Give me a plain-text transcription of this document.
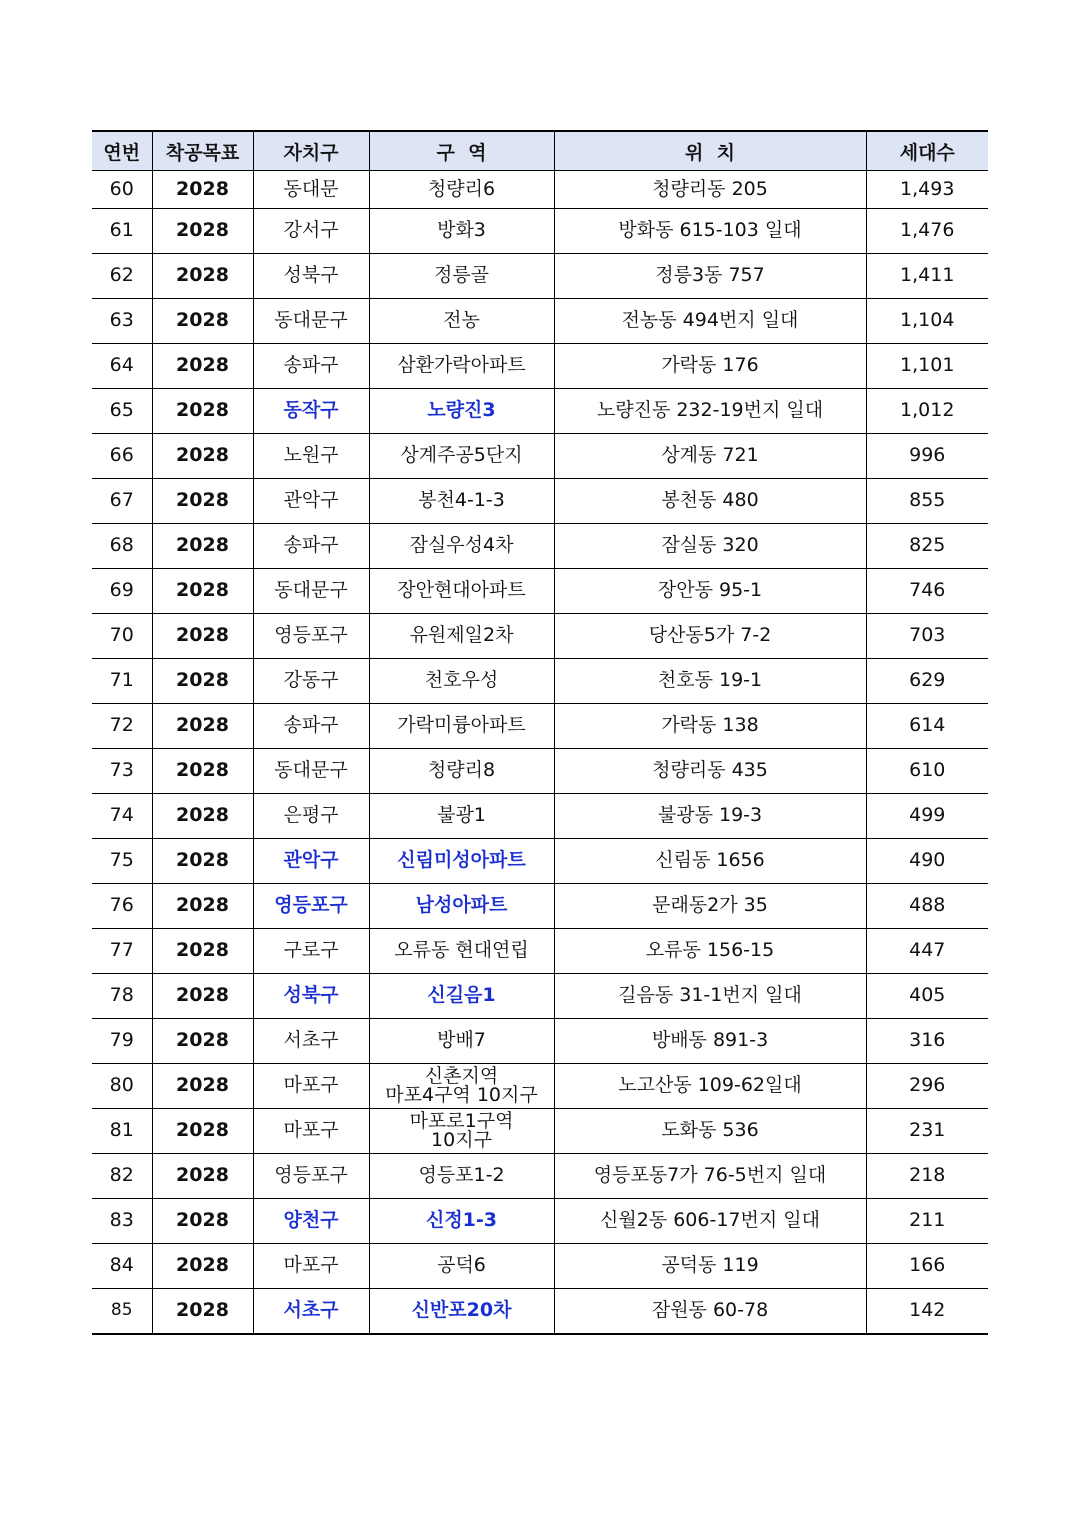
연번	착공목표	자치구	구  역	위  치	세대수
60	2028	동대문	청량리6	청량리동 205	1,493
61	2028	강서구	방화3	방화동 615-103 일대	1,476
62	2028	성북구	정릉골	정릉3동 757	1,411
63	2028	동대문구	전농	전농동 494번지 일대	1,104
64	2028	송파구	삼환가락아파트	가락동 176	1,101
65	2028	동작구	노량진3	노량진동 232-19번지 일대	1,012
66	2028	노원구	상계주공5단지	상계동 721	996
67	2028	관악구	봉천4-1-3	봉천동 480	855
68	2028	송파구	잠실우성4차	잠실동 320	825
69	2028	동대문구	장안현대아파트	장안동 95-1	746
70	2028	영등포구	유원제일2차	당산동5가 7-2	703
71	2028	강동구	천호우성	천호동 19-1	629
72	2028	송파구	가락미륭아파트	가락동 138	614
73	2028	동대문구	청량리8	청량리동 435	610
74	2028	은평구	불광1	불광동 19-3	499
75	2028	관악구	신림미성아파트	신림동 1656	490
76	2028	영등포구	남성아파트	문래동2가 35	488
77	2028	구로구	오류동 현대연립	오류동 156-15	447
78	2028	성북구	신길음1	길음동 31-1번지 일대	405
79	2028	서초구	방배7	방배동 891-3	316
80	2028	마포구	신촌지역
마포4구역 10지구	노고산동 109-62일대	296
81	2028	마포구	마포로1구역
10지구	도화동 536	231
82	2028	영등포구	영등포1-2	영등포동7가 76-5번지 일대	218
83	2028	양천구	신정1-3	신월2동 606-17번지 일대	211
84	2028	마포구	공덕6	공덕동 119	166
85	2028	서초구	신반포20차	잠원동 60-78	142
